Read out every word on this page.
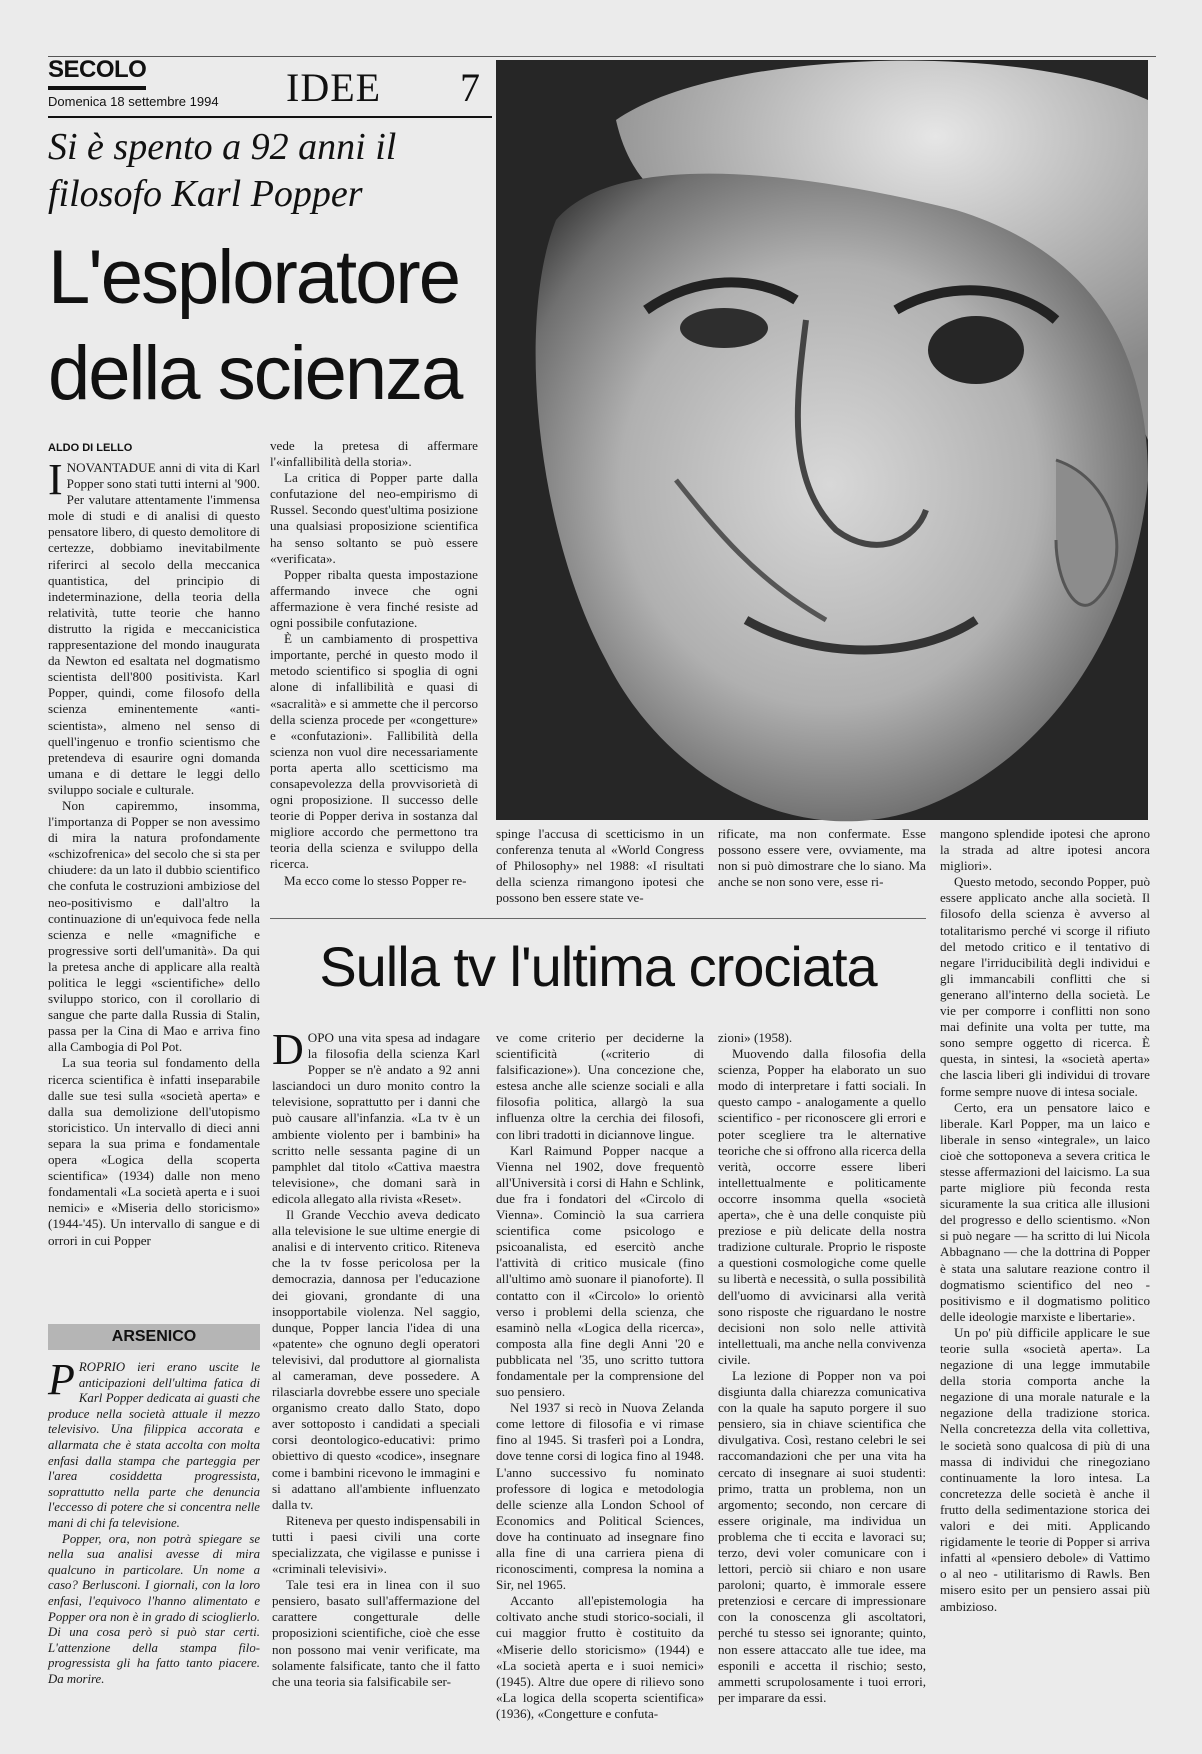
SECOLO
Domenica 18 settembre 1994 IDEE 7
Si è spento a 92 anni il filosofo Karl Popper
L'esploratore della scienza
ALDO DI LELLO

INOVANTADUE anni di vita di Karl Popper sono stati tutti interni al '900. Per valutare attentamente l'immensa mole di studi e di analisi di questo pensatore libero, di questo demolitore di certezze, dobbiamo inevitabilmente riferirci al secolo della meccanica quantistica, del principio di indeterminazione, della teoria della relatività, tutte teorie che hanno distrutto la rigida e meccanicistica rappresentazione del mondo inaugurata da Newton ed esaltata nel dogmatismo scientista dell'800 positivista. Karl Popper, quindi, come filosofo della scienza eminentemente «anti-scientista», almeno nel senso di quell'ingenuo e tronfio scientismo che pretendeva di esaurire ogni domanda umana e di dettare le leggi dello sviluppo sociale e culturale.

Non capiremmo, insomma, l'importanza di Popper se non avessimo di mira la natura profondamente «schizofrenica» del secolo che si sta per chiudere: da un lato il dubbio scientifico che confuta le costruzioni ambiziose del neo-positivismo e dall'altro la continuazione di un'equivoca fede nella scienza e nelle «magnifiche e progressive sorti dell'umanità». Da qui la pretesa anche di applicare alla realtà politica le leggi «scientifiche» dello sviluppo storico, con il corollario di sangue che parte dalla Russia di Stalin, passa per la Cina di Mao e arriva fino alla Cambogia di Pol Pot.

La sua teoria sul fondamento della ricerca scientifica è infatti inseparabile dalle sue tesi sulla «società aperta» e dalla sua demolizione dell'utopismo storicistico. Un intervallo di dieci anni separa la sua prima e fondamentale opera «Logica della scoperta scientifica» (1934) dalle non meno fondamentali «La società aperta e i suoi nemici» e «Miseria dello storicismo» (1944-'45). Un intervallo di sangue e di orrori in cui Popper

vede la pretesa di affermare l'«infallibilità della storia».

La critica di Popper parte dalla confutazione del neo-empirismo di Russel. Secondo quest'ultima posizione una qualsiasi proposizione scientifica ha senso soltanto se può essere «verificata».

Popper ribalta questa impostazione affermando invece che ogni affermazione è vera finché resiste ad ogni possibile confutazione.

È un cambiamento di prospettiva importante, perché in questo modo il metodo scientifico si spoglia di ogni alone di infallibilità e quasi di «sacralità» e si ammette che il percorso della scienza procede per «congetture» e «confutazioni». Fallibilità della scienza non vuol dire necessariamente porta aperta allo scetticismo ma consapevolezza della provvisorietà di ogni proposizione. Il successo delle teorie di Popper deriva in sostanza dal migliore accordo che permettono tra teoria della scienza e sviluppo della ricerca.

Ma ecco come lo stesso Popper re-

spinge l'accusa di scetticismo in un conferenza tenuta al «World Congress of Philosophy» nel 1988: «I risultati della scienza rimangono ipotesi che possono ben essere state ve-

rificate, ma non confermate. Esse possono essere vere, ovviamente, ma non si può dimostrare che lo siano. Ma anche se non sono vere, esse ri-

mangono splendide ipotesi che aprono la strada ad altre ipotesi ancora migliori».

Questo metodo, secondo Popper, può essere applicato anche alla società. Il filosofo della scienza è avverso al totalitarismo perché vi scorge il rifiuto del metodo critico e il tentativo di negare l'irriducibilità degli individui e gli immancabili conflitti che si generano all'interno della società. Le vie per comporre i conflitti non sono mai definite una volta per tutte, ma sono sempre oggetto di ricerca. È questa, in sintesi, la «società aperta» che lascia liberi gli individui di trovare forme sempre nuove di intesa sociale.

Certo, era un pensatore laico e liberale. Karl Popper, ma un laico e liberale in senso «integrale», un laico cioè che sottoponeva a severa critica le stesse affermazioni del laicismo. La sua parte migliore più feconda resta sicuramente la sua critica alle illusioni del progresso e dello scientismo. «Non si può negare — ha scritto di lui Nicola Abbagnano — che la dottrina di Popper è stata una salutare reazione contro il dogmatismo scientifico del neo - positivismo e il dogmatismo politico delle ideologie marxiste e libertarie».

Un po' più difficile applicare le sue teorie sulla «società aperta». La negazione di una legge immutabile della storia comporta anche la negazione di una morale naturale e la negazione della tradizione storica. Nella concretezza della vita collettiva, le società sono qualcosa di più di una massa di individui che rinegoziano continuamente la loro intesa. La concretezza delle società è anche il frutto della sedimentazione storica dei valori e dei miti. Applicando rigidamente le teorie di Popper si arriva infatti al «pensiero debole» di Vattimo o al neo - utilitarismo di Rawls. Ben misero esito per un pensiero assai più ambizioso.

Sulla tv l'ultima crociata

DOPO una vita spesa ad indagare la filosofia della scienza Karl Popper se n'è andato a 92 anni lasciandoci un duro monito contro la televisione, soprattutto per i danni che può causare all'infanzia. «La tv è un ambiente violento per i bambini» ha scritto nelle sessanta pagine di un pamphlet dal titolo «Cattiva maestra televisione», che domani sarà in edicola allegato alla rivista «Reset».

Il Grande Vecchio aveva dedicato alla televisione le sue ultime energie di analisi e di intervento critico. Riteneva che la tv fosse pericolosa per la democrazia, dannosa per l'educazione dei giovani, grondante di una insopportabile violenza. Nel saggio, dunque, Popper lancia l'idea di una «patente» che ognuno degli operatori televisivi, dal produttore al giornalista al cameraman, deve possedere. A rilasciarla dovrebbe essere uno speciale organismo creato dallo Stato, dopo aver sottoposto i candidati a speciali corsi deontologico-educativi: primo obiettivo di questo «codice», insegnare come i bambini ricevono le immagini e si adattano all'ambiente influenzato dalla tv.

Riteneva per questo indispensabili in tutti i paesi civili una corte specializzata, che vigilasse e punisse i «criminali televisivi».

Tale tesi era in linea con il suo pensiero, basato sull'affermazione del carattere congetturale delle proposizioni scientifiche, cioè che esse non possono mai venir verificate, ma solamente falsificate, tanto che il fatto che una teoria sia falsificabile ser-

ve come criterio per deciderne la scientificità («criterio di falsificazione»). Una concezione che, estesa anche alle scienze sociali e alla filosofia politica, allargò la sua influenza oltre la cerchia dei filosofi, con libri tradotti in diciannove lingue.

Karl Raimund Popper nacque a Vienna nel 1902, dove frequentò all'Università i corsi di Hahn e Schlink, due fra i fondatori del «Circolo di Vienna». Cominciò la sua carriera scientifica come psicologo e psicoanalista, ed esercitò anche l'attività di critico musicale (fino all'ultimo amò suonare il pianoforte). Il contatto con il «Circolo» lo orientò verso i problemi della scienza, che esaminò nella «Logica della ricerca», composta alla fine degli Anni '20 e pubblicata nel '35, uno scritto tuttora fondamentale per la comprensione del suo pensiero.

Nel 1937 si recò in Nuova Zelanda come lettore di filosofia e vi rimase fino al 1945. Si trasferì poi a Londra, dove tenne corsi di logica fino al 1948. L'anno successivo fu nominato professore di logica e metodologia delle scienze alla London School of Economics and Political Sciences, dove ha continuato ad insegnare fino alla fine di una carriera piena di riconoscimenti, compresa la nomina a Sir, nel 1965.

Accanto all'epistemologia ha coltivato anche studi storico-sociali, il cui maggior frutto è costituito da «Miserie dello storicismo» (1944) e «La società aperta e i suoi nemici» (1945). Altre due opere di rilievo sono «La logica della scoperta scientifica» (1936), «Congetture e confuta-

zioni» (1958).

Muovendo dalla filosofia della scienza, Popper ha elaborato un suo modo di interpretare i fatti sociali. In questo campo - analogamente a quello scientifico - per riconoscere gli errori e poter scegliere tra le alternative teoriche che si offrono alla ricerca della verità, occorre essere liberi intellettualmente e politicamente occorre insomma quella «società aperta», che è una delle conquiste più preziose e più delicate della nostra tradizione culturale. Proprio le risposte a questioni cosmologiche come quelle su libertà e necessità, o sulla possibilità dell'uomo di avvicinarsi alla verità sono risposte che riguardano le nostre decisioni non solo nelle attività intellettuali, ma anche nella convivenza civile.

La lezione di Popper non va poi disgiunta dalla chiarezza comunicativa con la quale ha saputo porgere il suo pensiero, sia in chiave scientifica che divulgativa. Così, restano celebri le sei raccomandazioni che per una vita ha cercato di insegnare ai suoi studenti: primo, tratta un problema, non un argomento; secondo, non cercare di essere originale, ma individua un problema che ti eccita e lavoraci su; terzo, devi voler comunicare con i lettori, perciò sii chiaro e non usare paroloni; quarto, è immorale essere pretenziosi e cercare di impressionare con la conoscenza gli ascoltatori, perché tu stesso sei ignorante; quinto, non essere attaccato alle tue idee, ma esponili e accetta il rischio; sesto, ammetti scrupolosamente i tuoi errori, per imparare da essi.

ARSENICO

PROPRIO ieri erano uscite le anticipazioni dell'ultima fatica di Karl Popper dedicata ai guasti che produce nella società attuale il mezzo televisivo. Una filippica accorata e allarmata che è stata accolta con molta enfasi dalla stampa che parteggia per l'area cosiddetta progressista, soprattutto nella parte che denuncia l'eccesso di potere che si concentra nelle mani di chi fa televisione.

Popper, ora, non potrà spiegare se nella sua analisi avesse di mira qualcuno in particolare. Un nome a caso? Berlusconi. I giornali, con la loro enfasi, l'equivoco l'hanno alimentato e Popper ora non è in grado di scioglierlo. Di una cosa però si può star certi. L'attenzione della stampa filo-progressista gli ha fatto tanto piacere. Da morire.
